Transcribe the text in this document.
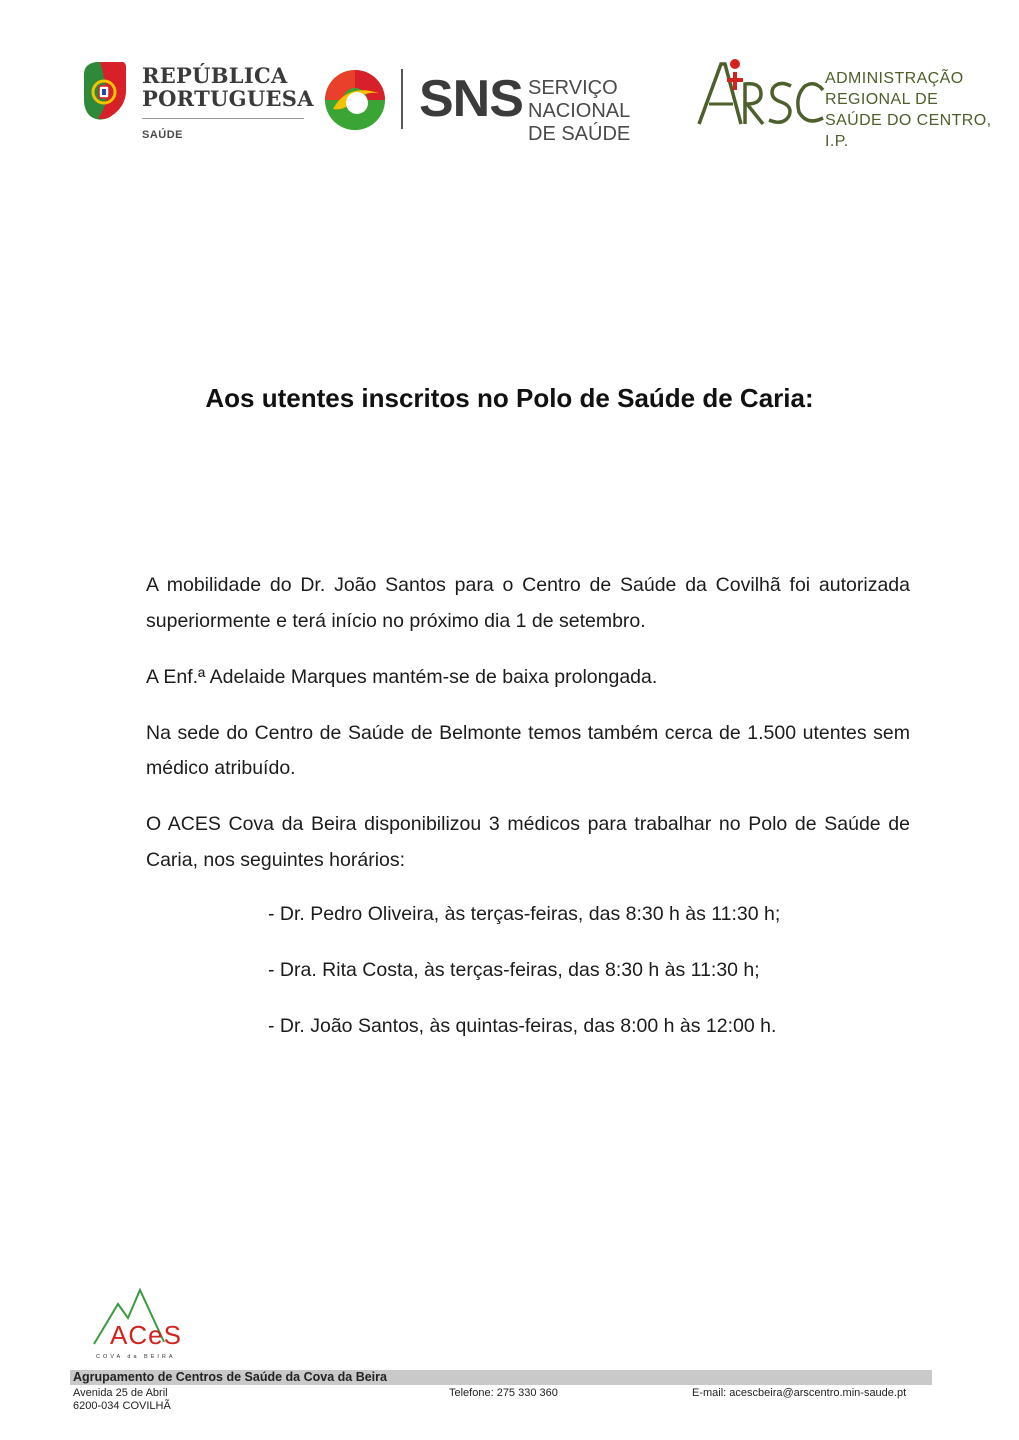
REPÚBLICA
PORTUGUESA
SAÚDE
SNS SERVIÇO NACIONAL
DE SAÚDE
ADMINISTRAÇÃO
REGIONAL DE
SAÚDE DO CENTRO, I.P.
Aos utentes inscritos no Polo de Saúde de Caria:

A mobilidade do Dr. João Santos para o Centro de Saúde da Covilhã foi autorizada superiormente e terá início no próximo dia 1 de setembro.

A Enf.ª Adelaide Marques mantém-se de baixa prolongada.

Na sede do Centro de Saúde de Belmonte temos também cerca de 1.500 utentes sem médico atribuído.

O ACES Cova da Beira disponibilizou 3 médicos para trabalhar no Polo de Saúde de Caria, nos seguintes horários:

- Dr. Pedro Oliveira, às terças-feiras, das 8:30 h às 11:30 h;
- Dra. Rita Costa, às terças-feiras, das 8:30 h às 11:30 h;
- Dr. João Santos, às quintas-feiras, das 8:00 h às 12:00 h.
ACeS
COVA da BEIRA
Agrupamento de Centros de Saúde da Cova da Beira
Avenida 25 de Abril
6200-034 COVILHÃ
Telefone: 275 330 360	E-mail: acescbeira@arscentro.min-saude.pt
